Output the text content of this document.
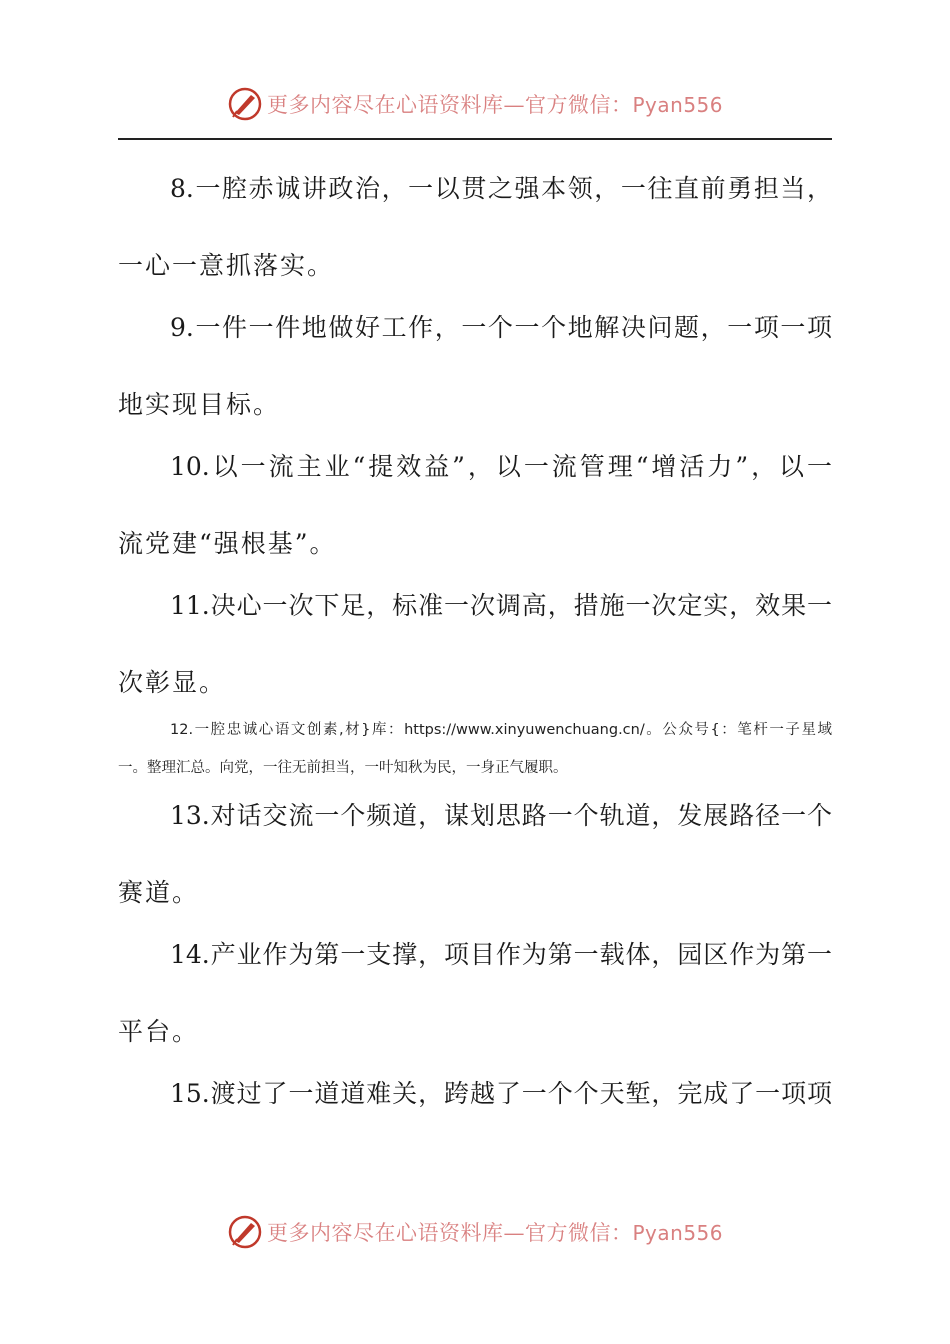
更多内容尽在心语资料库—官方微信：Pyan556
8.一腔赤诚讲政治，一以贯之强本领，一往直前勇担当，
一心一意抓落实。
9.一件一件地做好工作，一个一个地解决问题，一项一项
地实现目标。
10.以一流主业“提效益”，以一流管理“增活力”，以一
流党建“强根基”。
11.决心一次下足，标准一次调高，措施一次定实，效果一
次彰显。
12.一腔忠诚心语文创素,材}库：https://www.xinyuwenchuang.cn/。公众号{：笔杆一子星域
一。整理汇总。向党，一往无前担当，一叶知秋为民，一身正气履职。
13.对话交流一个频道，谋划思路一个轨道，发展路径一个
赛道。
14.产业作为第一支撑，项目作为第一载体，园区作为第一
平台。
15.渡过了一道道难关，跨越了一个个天堑，完成了一项项
更多内容尽在心语资料库—官方微信：Pyan556
